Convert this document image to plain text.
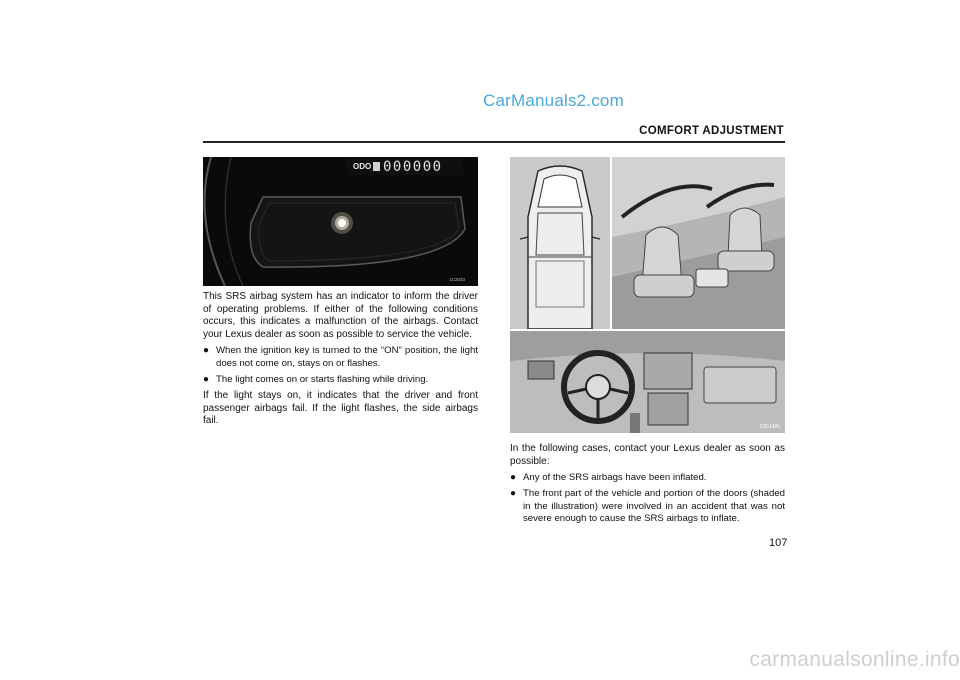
CarManuals2.com
COMFORT ADJUSTMENT
ODO 000000
1C2033

This SRS airbag system has an indicator to inform the driver of operating problems. If either of the following conditions occurs, this indicates a malfunction of the airbags. Contact your Lexus dealer as soon as possible to service the vehicle.

● When the ignition key is turned to the “ON” position, the light does not come on, stays on or flashes.
● The light comes on or starts flashing while driving.

If the light stays on, it indicates that the driver and front passenger airbags fail. If the light flashes, the side airbags fail.

10G142b

In the following cases, contact your Lexus dealer as soon as possible:

● Any of the SRS airbags have been inflated.
● The front part of the vehicle and portion of the doors (shaded in the illustration) were involved in an accident that was not severe enough to cause the SRS airbags to inflate.
107
carmanualsonline.info
